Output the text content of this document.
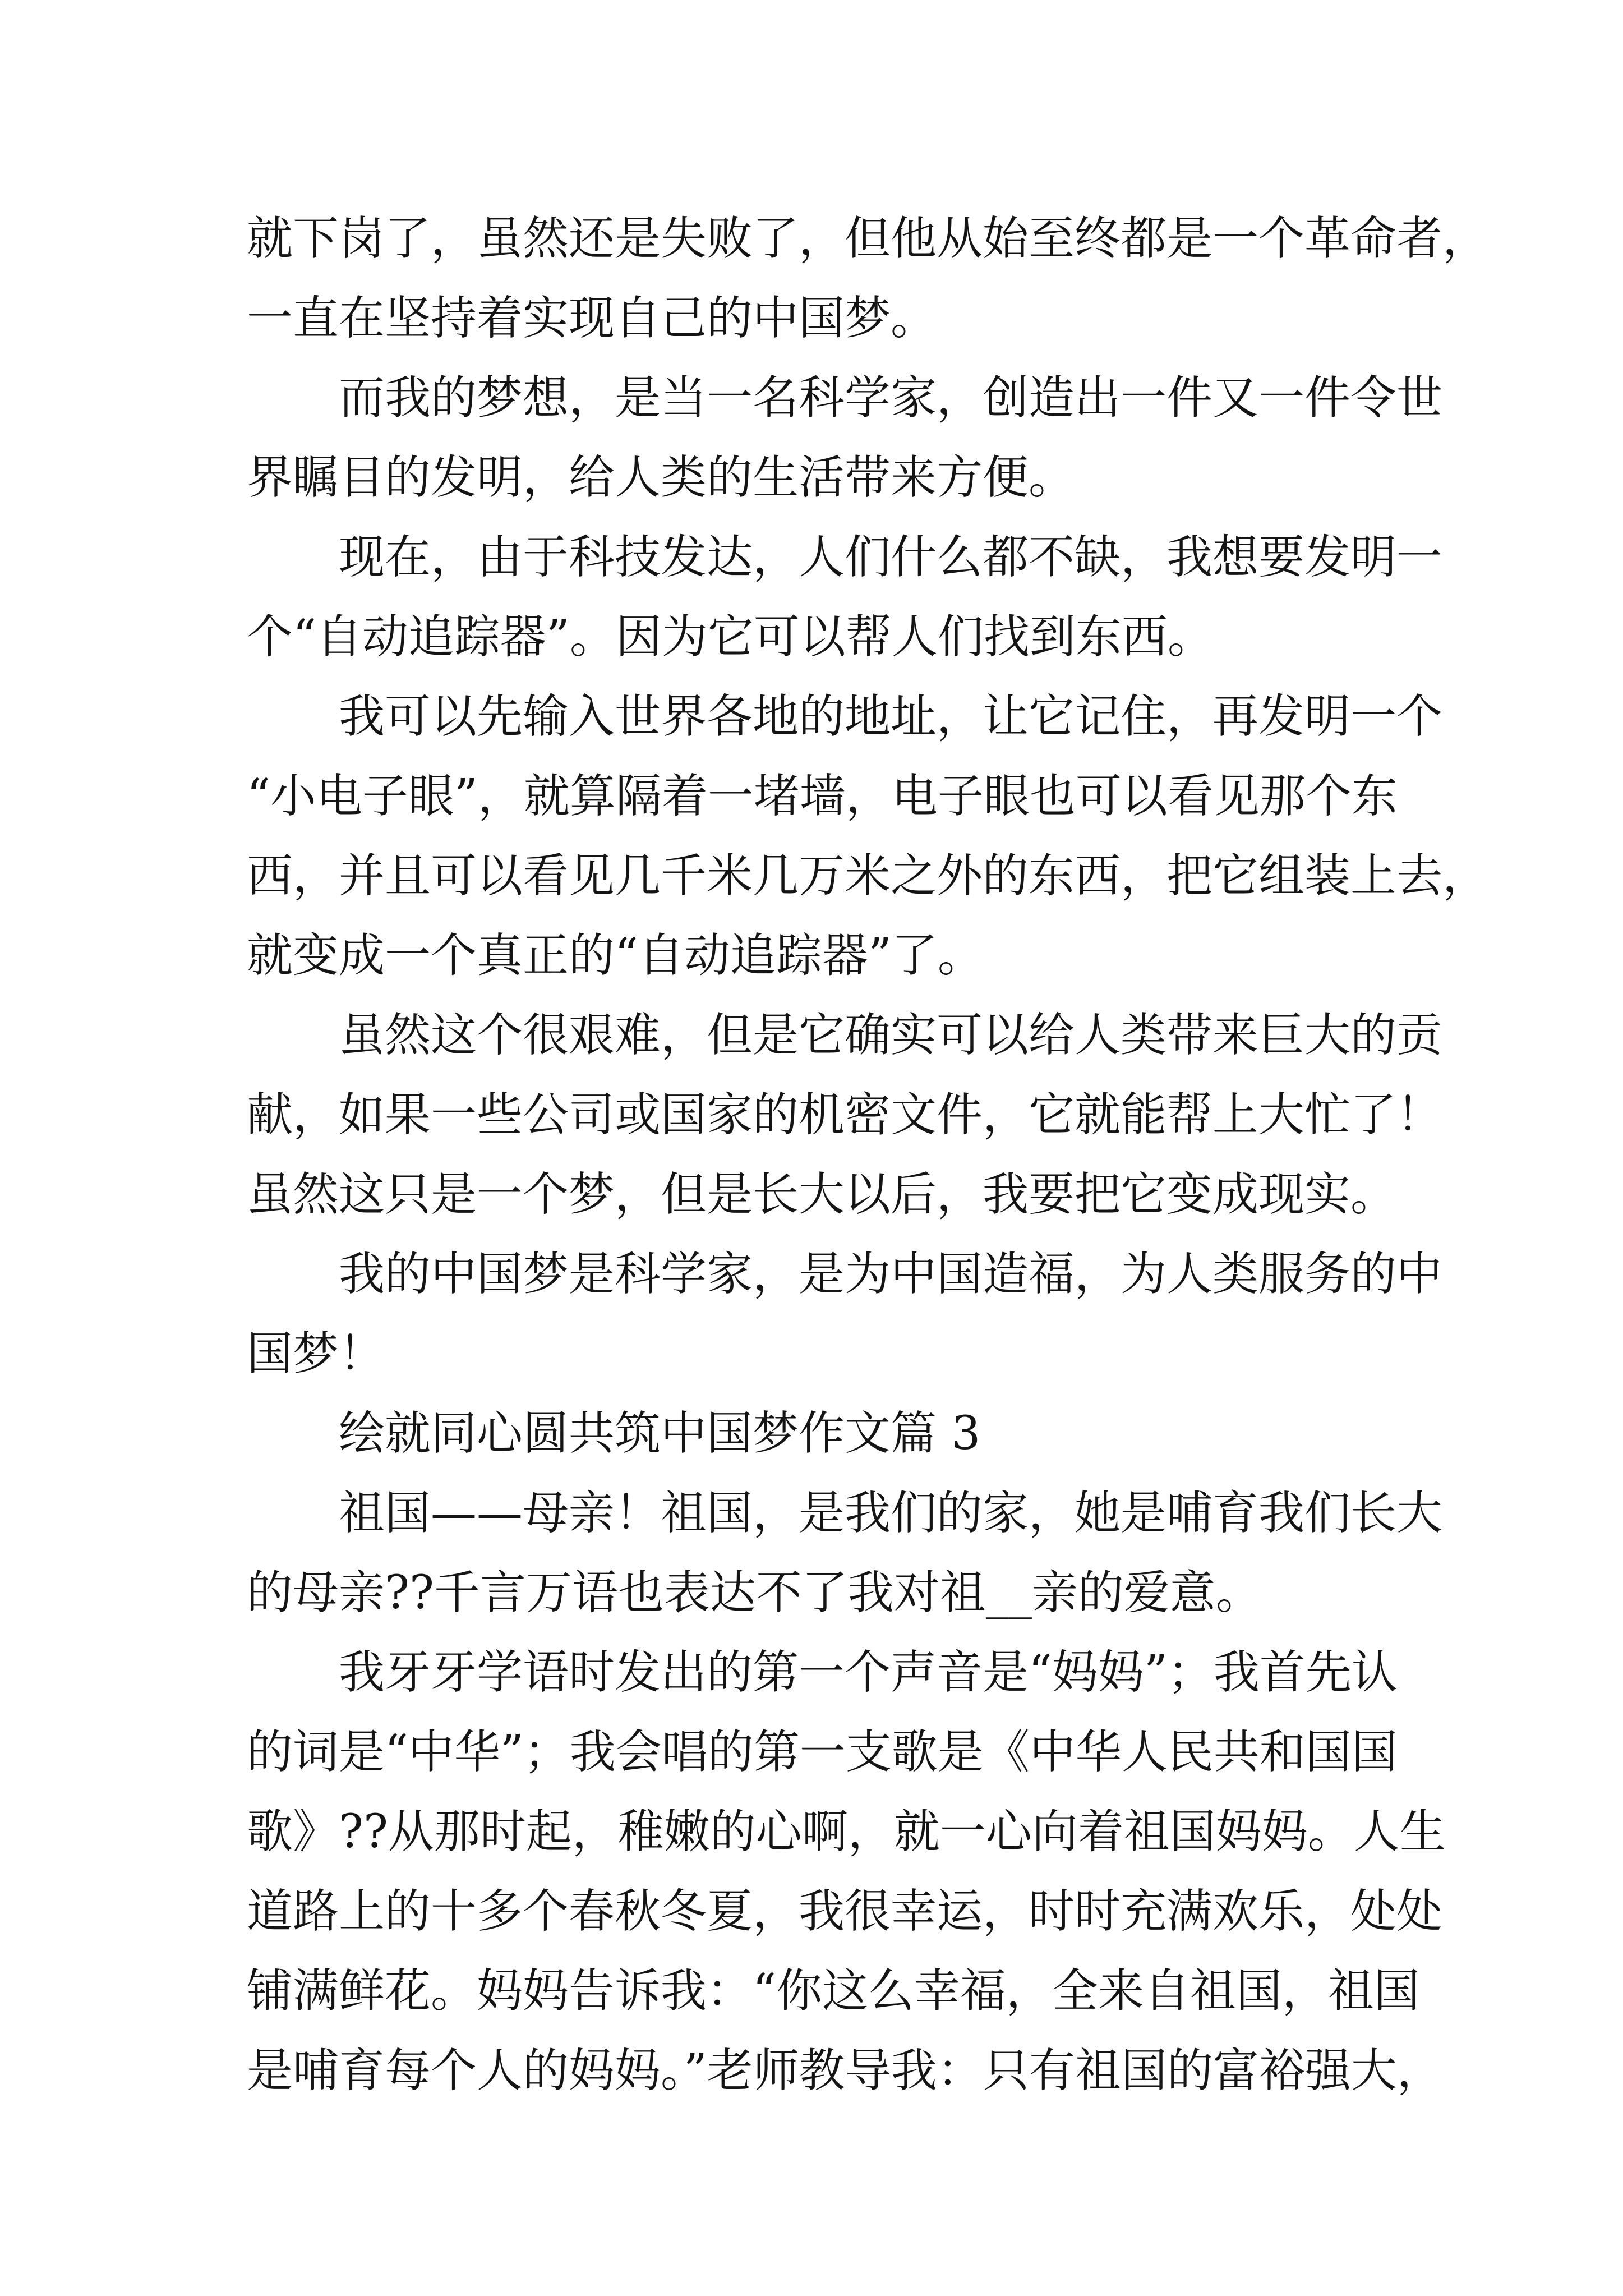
就下岗了，虽然还是失败了，但他从始至终都是一个革命者，
一直在坚持着实现自己的中国梦。
而我的梦想，是当一名科学家，创造出一件又一件令世
界瞩目的发明，给人类的生活带来方便。
现在，由于科技发达，人们什么都不缺，我想要发明一
个“自动追踪器”。因为它可以帮人们找到东西。
我可以先输入世界各地的地址，让它记住，再发明一个
“小电子眼”，就算隔着一堵墙，电子眼也可以看见那个东
西，并且可以看见几千米几万米之外的东西，把它组装上去，
就变成一个真正的“自动追踪器”了。
虽然这个很艰难，但是它确实可以给人类带来巨大的贡
献，如果一些公司或国家的机密文件，它就能帮上大忙了！
虽然这只是一个梦，但是长大以后，我要把它变成现实。
我的中国梦是科学家，是为中国造福，为人类服务的中
国梦！
绘就同心圆共筑中国梦作文篇 3
祖国——母亲！祖国，是我们的家，她是哺育我们长大
的母亲??千言万语也表达不了我对祖__亲的爱意。
我牙牙学语时发出的第一个声音是“妈妈”；我首先认
的词是“中华”；我会唱的第一支歌是《中华人民共和国国
歌》??从那时起，稚嫩的心啊，就一心向着祖国妈妈。人生
道路上的十多个春秋冬夏，我很幸运，时时充满欢乐，处处
铺满鲜花。妈妈告诉我：“你这么幸福，全来自祖国，祖国
是哺育每个人的妈妈。”老师教导我：只有祖国的富裕强大，
